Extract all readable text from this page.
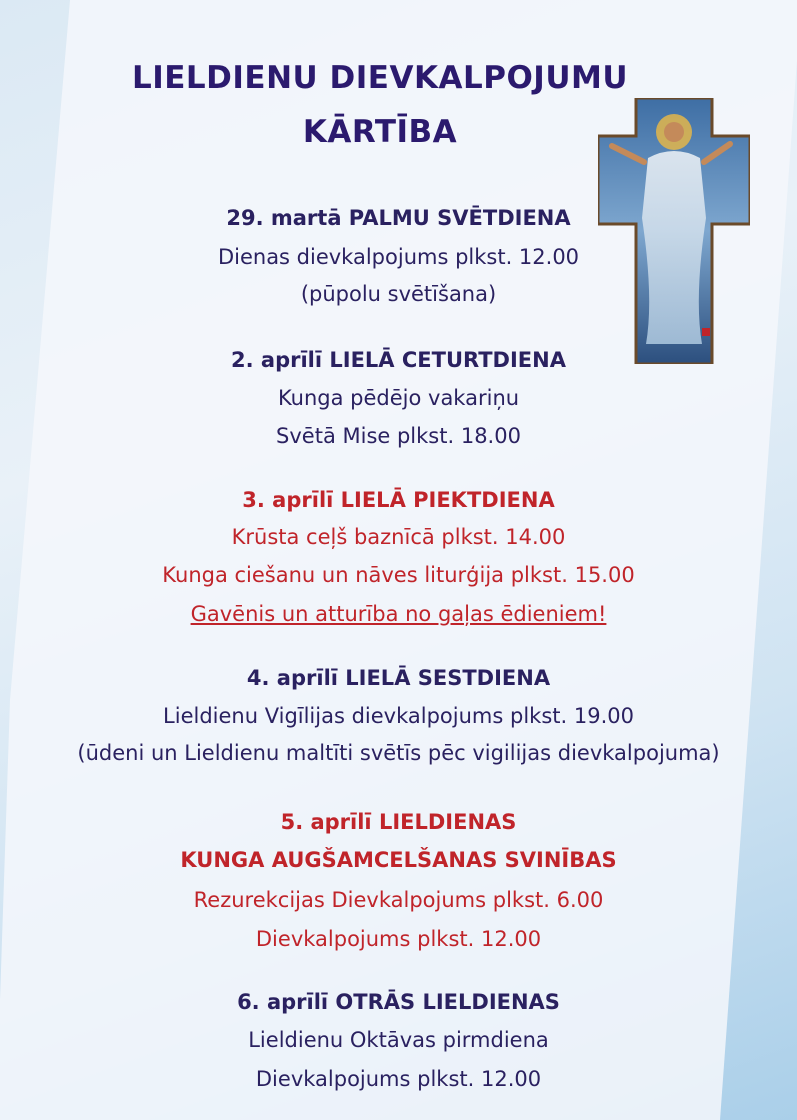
LIELDIENU DIEVKALPOJUMU
KĀRTĪBA
29. martā PALMU SVĒTDIENA
Dienas dievkalpojums plkst. 12.00
(pūpolu svētīšana)
2. aprīlī LIELĀ CETURTDIENA
Kunga pēdējo vakariņu
Svētā Mise plkst. 18.00
3. aprīlī LIELĀ PIEKTDIENA
Krūsta ceļš baznīcā plkst. 14.00
Kunga ciešanu un nāves liturģija plkst. 15.00
Gavēnis un atturība no gaļas ēdieniem!
4. aprīlī LIELĀ SESTDIENA
Lieldienu Vigīlijas dievkalpojums plkst. 19.00
(ūdeni un Lieldienu maltīti svētīs pēc vigilijas dievkalpojuma)
5. aprīlī LIELDIENAS
KUNGA AUGŠAMCELŠANAS SVINĪBAS
Rezurekcijas Dievkalpojums plkst. 6.00
Dievkalpojums plkst. 12.00
6. aprīlī OTRĀS LIELDIENAS
Lieldienu Oktāvas pirmdiena
Dievkalpojums plkst. 12.00
